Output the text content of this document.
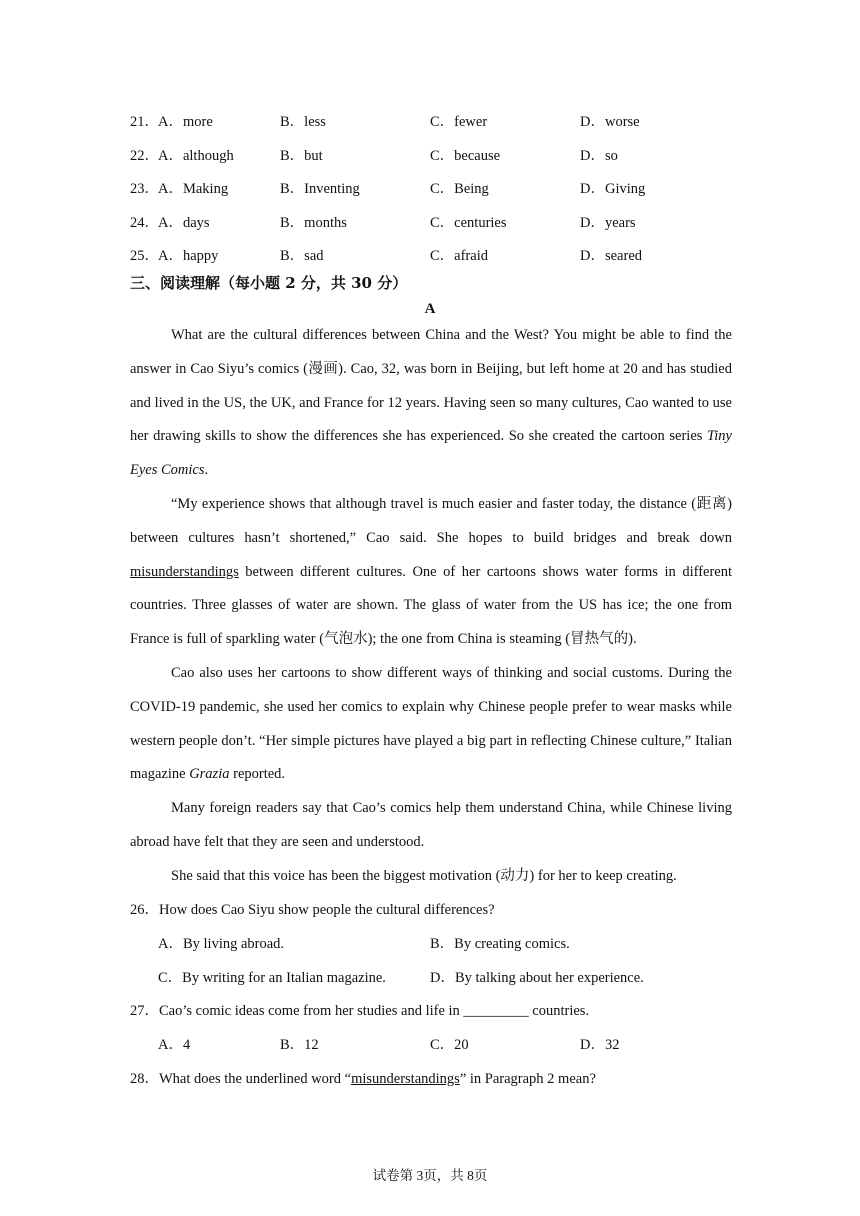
21． A．more	B．less	C．fewer	D．worse
22． A．although	B．but	C．because	D．so
23． A．Making	B．Inventing	C．Being	D．Giving
24． A．days	B．months	C．centuries	D．years
25． A．happy	B．sad	C．afraid	D．seared
三、阅读理解（每小题 2 分，共 30 分）
A

What are the cultural differences between China and the West? You might be able to find the answer in Cao Siyu’s comics (漫画). Cao, 32, was born in Beijing, but left home at 20 and has studied and lived in the US, the UK, and France for 12 years. Having seen so many cultures, Cao wanted to use her drawing skills to show the differences she has experienced. So she created the cartoon series Tiny Eyes Comics.

“My experience shows that although travel is much easier and faster today, the distance (距离) between cultures hasn’t shortened,” Cao said. She hopes to build bridges and break down misunderstandings between different cultures. One of her cartoons shows water forms in different countries. Three glasses of water are shown. The glass of water from the US has ice; the one from France is full of sparkling water (气泡水); the one from China is steaming (冒热气的).

Cao also uses her cartoons to show different ways of thinking and social customs. During the COVID-19 pandemic, she used her comics to explain why Chinese people prefer to wear masks while western people don’t. “Her simple pictures have played a big part in reflecting Chinese culture,” Italian magazine Grazia reported.

Many foreign readers say that Cao’s comics help them understand China, while Chinese living abroad have felt that they are seen and understood.

She said that this voice has been the biggest motivation (动力) for her to keep creating.

26．How does Cao Siyu show people the cultural differences?
A．By living abroad.	B．By creating comics.
C．By writing for an Italian magazine.	D．By talking about her experience.
27．Cao’s comic ideas come from her studies and life in _________ countries.
A．4	B．12	C．20	D．32
28．What does the underlined word “misunderstandings” in Paragraph 2 mean?
试卷第 3页，共 8页
